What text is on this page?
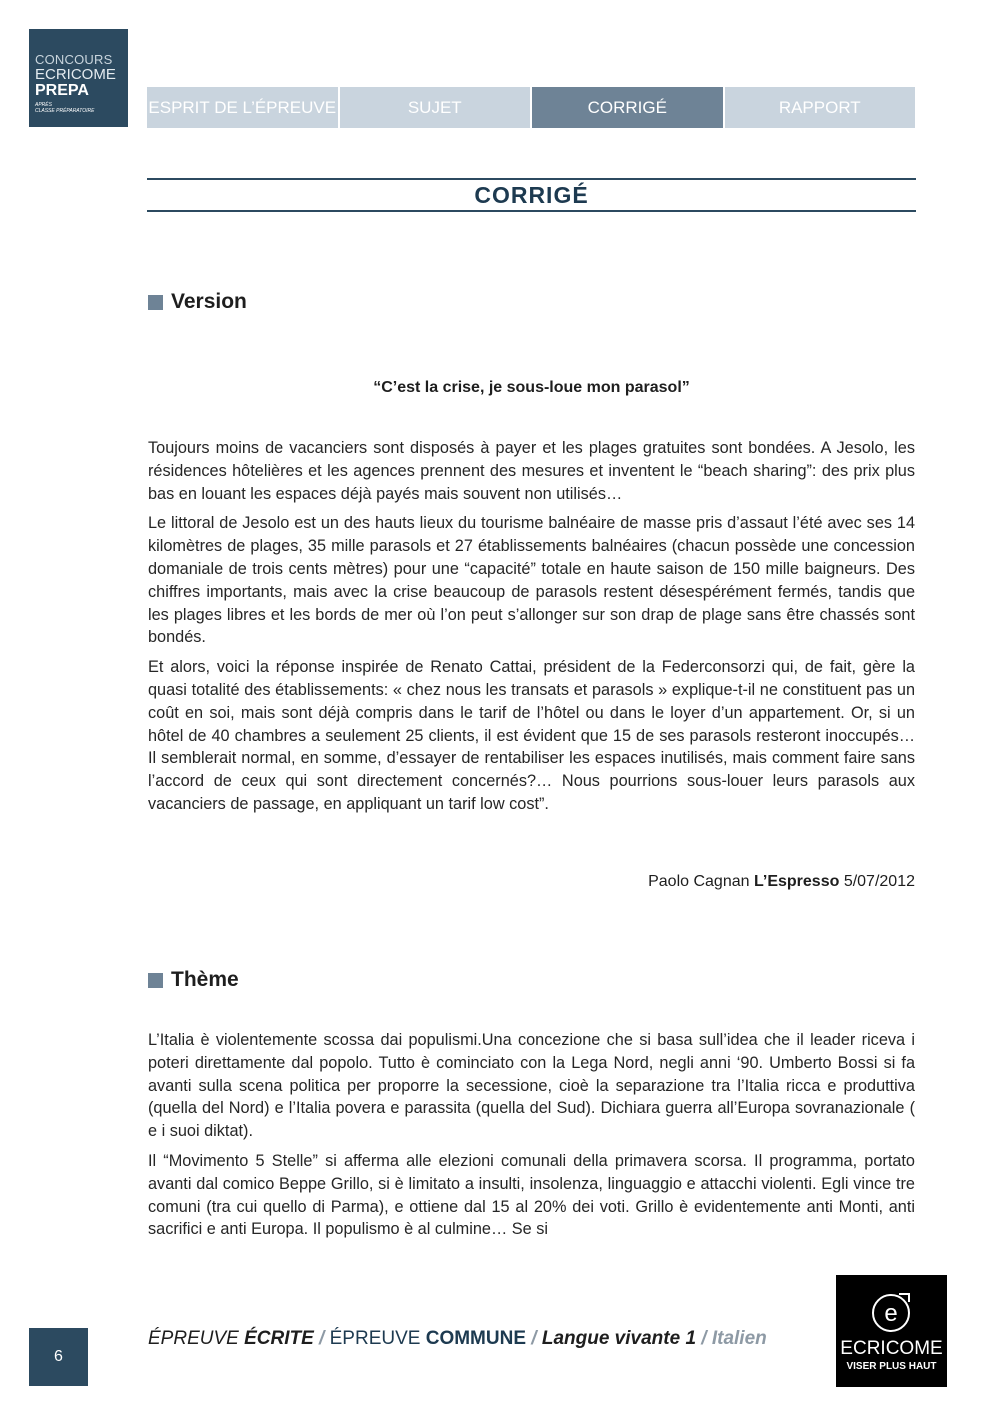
CONCOURS
ECRICOME
PREPA
APRÈS
CLASSE PRÉPARATOIRE	ESPRIT DE L’ÉPREUVE	SUJET	CORRIGÉ	RAPPORT
CORRIGÉ
Version
“C’est la crise, je sous-loue mon parasol”

Toujours moins de vacanciers sont disposés à payer et les plages gratuites sont bondées. A Jesolo, les résidences hôtelières et les agences prennent des mesures et inventent le “beach sharing”: des prix plus bas en louant les espaces déjà payés mais souvent non utilisés…

Le littoral de Jesolo est un des hauts lieux du tourisme balnéaire de masse pris d’assaut l’été avec ses 14 kilomètres de plages, 35 mille parasols et 27 établissements balnéaires (chacun possède une concession domaniale de trois cents mètres) pour une “capacité” totale en haute saison de 150 mille baigneurs. Des chiffres importants, mais avec la crise beaucoup de parasols restent désespérément fermés, tandis que les plages libres et les bords de mer où l’on peut s’allonger sur son drap de plage sans être chassés sont bondés.

Et alors, voici la réponse inspirée de Renato Cattai, président de la Federconsorzi qui, de fait, gère la quasi totalité des établissements: « chez nous les transats et parasols » explique-t-il ne constituent pas un coût en soi, mais sont déjà compris dans le tarif de l’hôtel ou dans le loyer d’un appartement. Or, si un hôtel de 40 chambres a seulement 25 clients, il est évident que 15 de ses parasols resteront inoccupés… Il semblerait normal, en somme, d’essayer de rentabiliser les espaces inutilisés, mais comment faire sans l’accord de ceux qui sont directement concernés?… Nous pourrions sous-louer leurs parasols aux vacanciers de passage, en appliquant un tarif low cost”.

Paolo Cagnan L’Espresso 5/07/2012
Thème

L’Italia è violentemente scossa dai populismi.Una concezione che si basa sull’idea che il leader riceva i poteri direttamente dal popolo. Tutto è cominciato con la Lega Nord, negli anni ‘90. Umberto Bossi si fa avanti sulla scena politica per proporre la secessione, cioè la separazione tra l’Italia ricca e produttiva (quella del Nord) e l’Italia povera e parassita (quella del Sud). Dichiara guerra all’Europa sovranazionale ( e i suoi diktat).

Il “Movimento 5 Stelle” si afferma alle elezioni comunali della primavera scorsa. Il programma, portato avanti dal comico Beppe Grillo, si è limitato a insulti, insolenza, linguaggio e attacchi violenti. Egli vince tre comuni (tra cui quello di Parma), e ottiene dal 15 al 20% dei voti. Grillo è evidentemente anti Monti, anti sacrifici e anti Europa. Il populismo è al culmine… Se si

6
ÉPREUVE ÉCRITE / ÉPREUVE COMMUNE / Langue vivante 1 / Italien
e
ECRICOME
VISER PLUS HAUT
